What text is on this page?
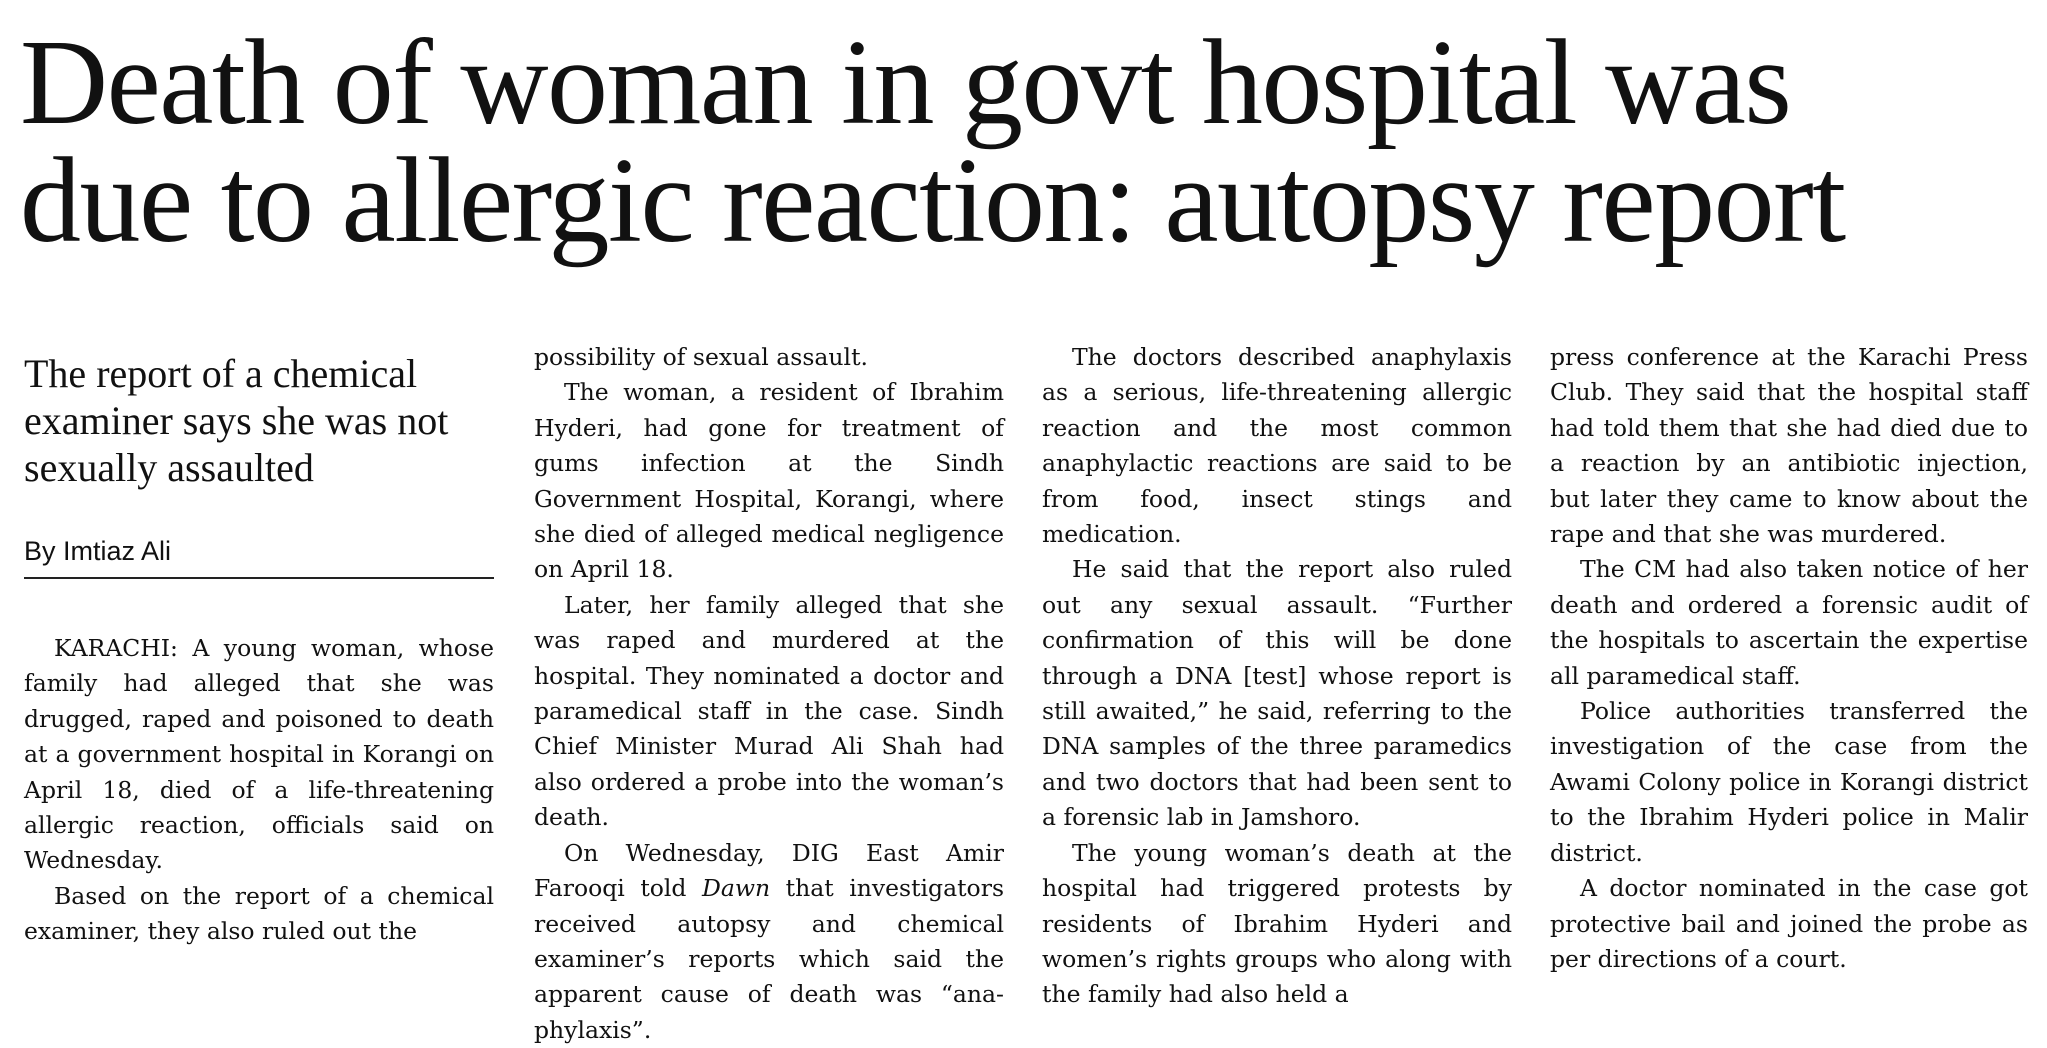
Death of woman in govt hospital was
due to allergic reaction: autopsy report
The report of a chemical examiner says she was not sexually assaulted
By Imtiaz Ali

KARACHI: A young woman, whose family had alleged that she was drugged, raped and poisoned to death at a government hospital in Korangi on April 18, died of a life-threatening allergic reaction, officials said on Wednesday.

Based on the report of a chemical examiner, they also ruled out the

possibility of sexual assault.

The woman, a resident of Ibrahim Hyderi, had gone for treatment of gums infection at the Sindh Government Hospital, Korangi, where she died of alleged medical negligence on April 18.

Later, her family alleged that she was raped and murdered at the hospital. They nominated a doctor and paramedical staff in the case. Sindh Chief Minister Murad Ali Shah had also ordered a probe into the woman’s death.

On Wednesday, DIG East Amir Farooqi told Dawn that investigators received autopsy and chemical examiner’s reports which said the apparent cause of death was “anaphylaxis”.

The doctors described anaphylaxis as a serious, life-threatening allergic reaction and the most common anaphylactic reactions are said to be from food, insect stings and medication.

He said that the report also ruled out any sexual assault. “Further confirmation of this will be done through a DNA [test] whose report is still awaited,” he said, referring to the DNA samples of the three paramedics and two doctors that had been sent to a forensic lab in Jamshoro.

The young woman’s death at the hospital had triggered protests by residents of Ibrahim Hyderi and women’s rights groups who along with the family had also held a

press conference at the Karachi Press Club. They said that the hospital staff had told them that she had died due to a reaction by an antibiotic injection, but later they came to know about the rape and that she was murdered.

The CM had also taken notice of her death and ordered a forensic audit of the hospitals to ascertain the expertise all paramedical staff.

Police authorities transferred the investigation of the case from the Awami Colony police in Korangi district to the Ibrahim Hyderi police in Malir district.

A doctor nominated in the case got protective bail and joined the probe as per directions of a court.
